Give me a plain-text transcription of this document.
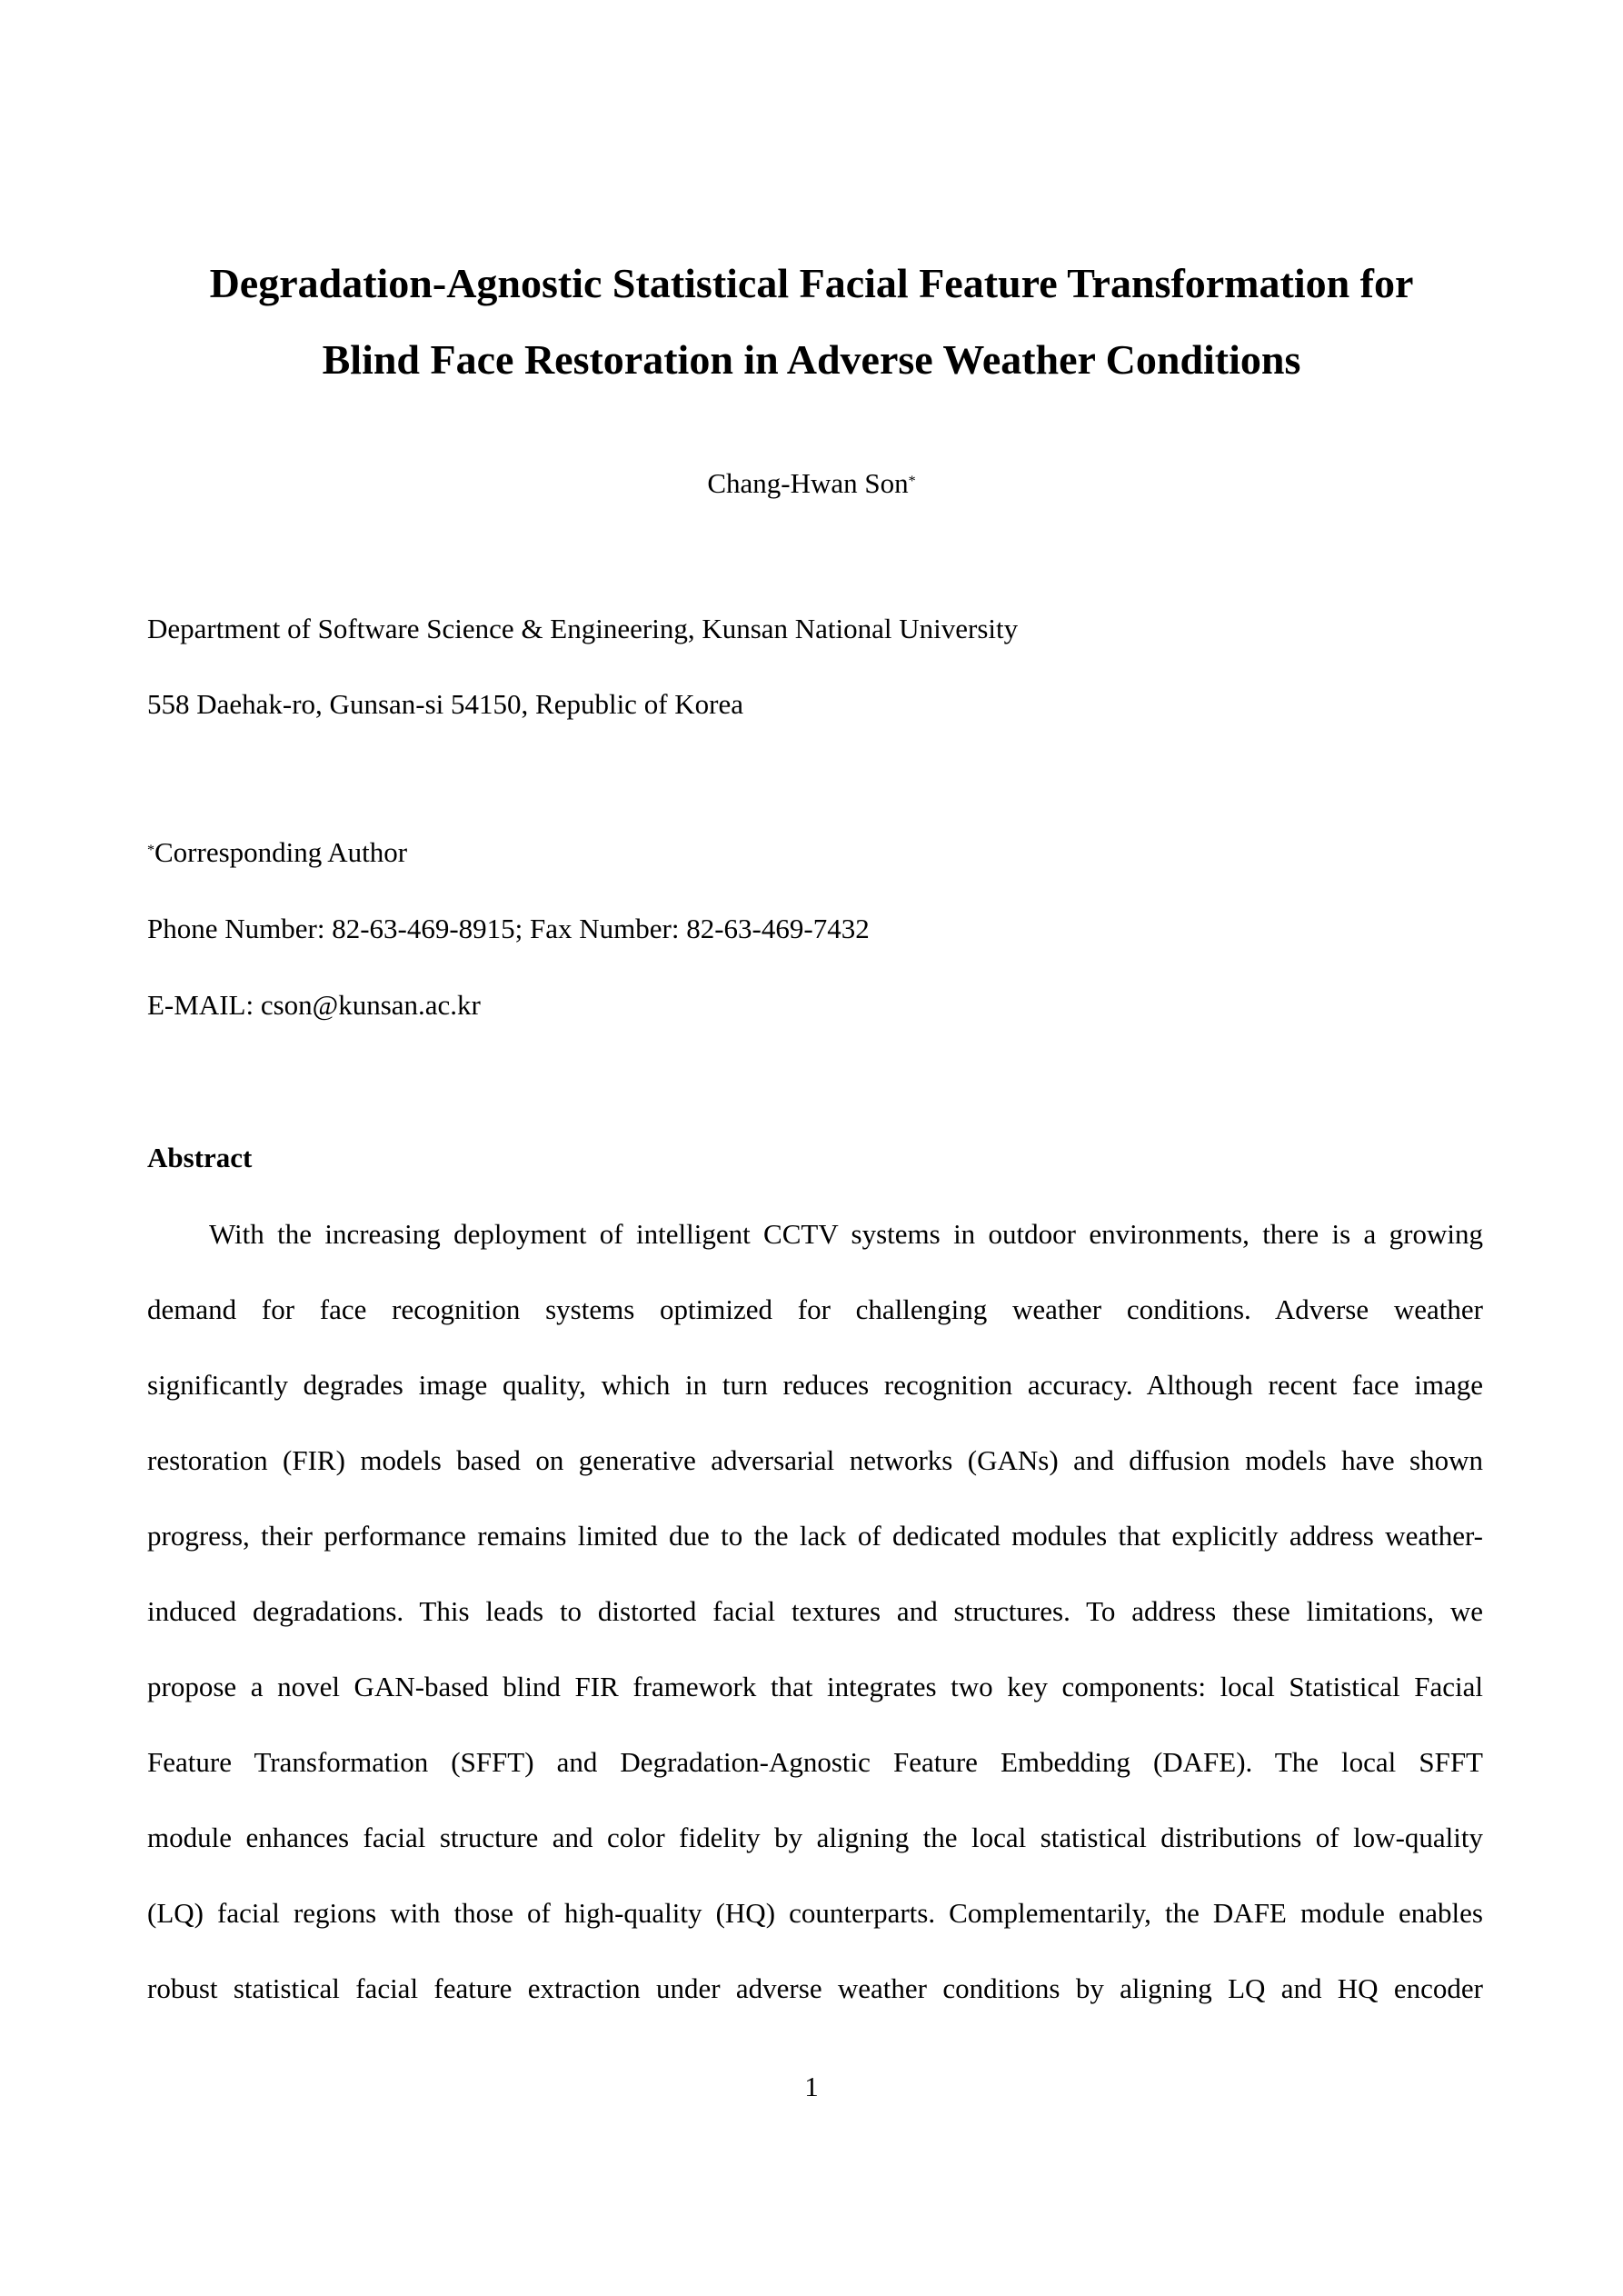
Degradation-Agnostic Statistical Facial Feature Transformation for
Blind Face Restoration in Adverse Weather Conditions
Chang-Hwan Son*
Department of Software Science & Engineering, Kunsan National University
558 Daehak-ro, Gunsan-si 54150, Republic of Korea
*Corresponding Author
Phone Number: 82-63-469-8915; Fax Number: 82-63-469-7432
E-MAIL: cson@kunsan.ac.kr
Abstract
With the increasing deployment of intelligent CCTV systems in outdoor environments, there is a growing
demand for face recognition systems optimized for challenging weather conditions. Adverse weather
significantly degrades image quality, which in turn reduces recognition accuracy. Although recent face image
restoration (FIR) models based on generative adversarial networks (GANs) and diffusion models have shown
progress, their performance remains limited due to the lack of dedicated modules that explicitly address weather-
induced degradations. This leads to distorted facial textures and structures. To address these limitations, we
propose a novel GAN-based blind FIR framework that integrates two key components: local Statistical Facial
Feature Transformation (SFFT) and Degradation-Agnostic Feature Embedding (DAFE). The local SFFT
module enhances facial structure and color fidelity by aligning the local statistical distributions of low-quality
(LQ) facial regions with those of high-quality (HQ) counterparts. Complementarily, the DAFE module enables
robust statistical facial feature extraction under adverse weather conditions by aligning LQ and HQ encoder
1
